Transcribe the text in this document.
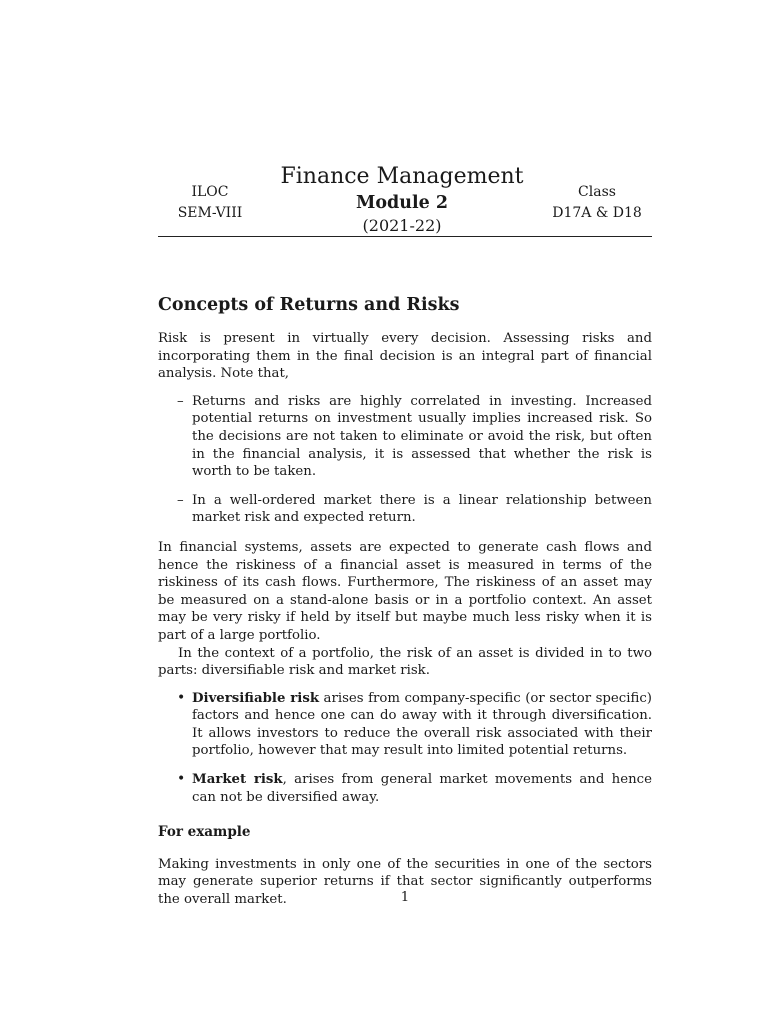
ILOC
SEM-VIII
Finance Management
Module 2
(2021-22)
Class
D17A & D18
Concepts of Returns and Risks

Risk is present in virtually every decision. Assessing risks and incorporating them in the final decision is an integral part of financial analysis. Note that,

– Returns and risks are highly correlated in investing. Increased potential returns on investment usually implies increased risk. So the decisions are not taken to eliminate or avoid the risk, but often in the financial analysis, it is assessed that whether the risk is worth to be taken.
– In a well-ordered market there is a linear relationship between market risk and expected return.

In financial systems, assets are expected to generate cash flows and hence the riskiness of a financial asset is measured in terms of the riskiness of its cash flows. Furthermore, The riskiness of an asset may be measured on a stand-alone basis or in a portfolio context. An asset may be very risky if held by itself but maybe much less risky when it is part of a large portfolio.

In the context of a portfolio, the risk of an asset is divided in to two parts: diversifiable risk and market risk.

• Diversifiable risk arises from company-specific (or sector specific) factors and hence one can do away with it through diversification. It allows investors to reduce the overall risk associated with their portfolio, however that may result into limited potential returns.
• Market risk, arises from general market movements and hence can not be diversified away.
For example

Making investments in only one of the securities in one of the sectors may generate superior returns if that sector significantly outperforms the overall market.	1
